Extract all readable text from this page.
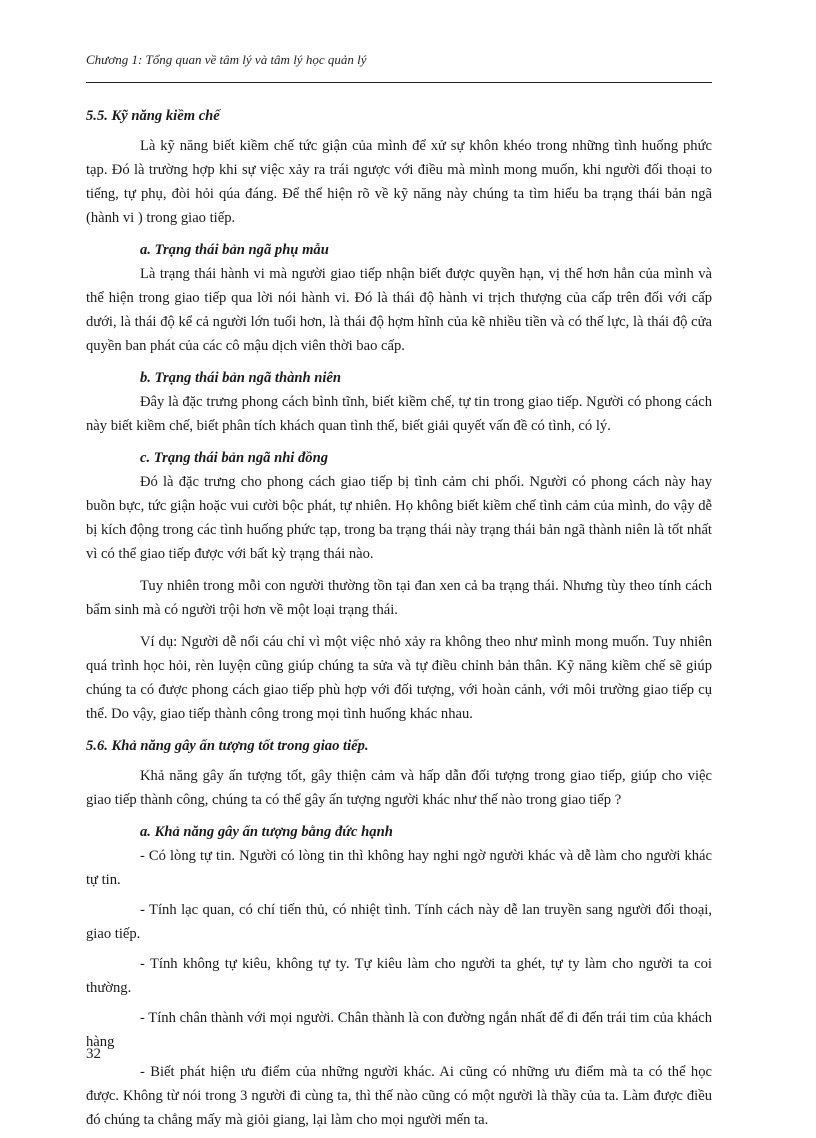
Chương 1: Tổng quan về tâm lý và tâm lý học quản lý

5.5. Kỹ năng kiềm chế

Là kỹ năng biết kiềm chế tức giận của mình để xử sự khôn khéo trong những tình huống phức tạp. Đó là trường hợp khi sự việc xảy ra trái ngược với điều mà mình mong muốn, khi người đối thoại to tiếng, tự phụ, đòi hỏi qúa đáng. Để thể hiện rõ về kỹ năng này chúng ta tìm hiểu ba trạng thái bản ngã (hành vi ) trong giao tiếp.

a. Trạng thái bản ngã phụ mẫu

Là trạng thái hành vi mà người giao tiếp nhận biết được quyền hạn, vị thế hơn hẳn của mình và thể hiện trong giao tiếp qua lời nói hành vi. Đó là thái độ hành vi trịch thượng của cấp trên đối với cấp dưới, là thái độ kể cả người lớn tuổi hơn, là thái độ hợm hĩnh của kẽ nhiều tiền và có thế lực, là thái độ cửa quyền ban phát của các cô mậu dịch viên thời bao cấp.

b. Trạng thái bản ngã thành niên

Đây là đặc trưng phong cách bình tĩnh, biết kiềm chế, tự tin trong giao tiếp. Người có phong cách này biết kiềm chế, biết phân tích khách quan tình thế, biết giải quyết vấn đề có tình, có lý.

c. Trạng thái bản ngã nhi đồng

Đó là đặc trưng cho phong cách giao tiếp bị tình cảm chi phối. Người có phong cách này hay buồn bực, tức giận hoặc vui cười bộc phát, tự nhiên. Họ không biết kiềm chế tình cảm của mình, do vậy dễ bị kích động trong các tình huống phức tạp, trong ba trạng thái này trạng thái bản ngã thành niên là tốt nhất vì có thể giao tiếp được với bất kỳ trạng thái nào.

Tuy nhiên trong mỗi con người thường tồn tại đan xen cả ba trạng thái. Nhưng tùy theo tính cách bẩm sinh mà có người trội hơn về một loại trạng thái.

Ví dụ: Người dễ nổi cáu chỉ vì một việc nhỏ xảy ra không theo như mình mong muốn. Tuy nhiên quá trình học hỏi, rèn luyện cũng giúp chúng ta sửa và tự điều chỉnh bản thân. Kỹ năng kiềm chế sẽ giúp chúng ta có được phong cách giao tiếp phù hợp với đối tượng, với hoàn cảnh, với môi trường giao tiếp cụ thể. Do vậy, giao tiếp thành công trong mọi tình huống khác nhau.

5.6. Khả năng gây ấn tượng tốt trong giao tiếp.

Khả năng gây ấn tượng tốt, gây thiện cảm và hấp dẫn đối tượng trong giao tiếp, giúp cho việc giao tiếp thành công, chúng ta có thể gây ấn tượng người khác như thế nào trong giao tiếp ?

a. Khả năng gây ấn tượng bằng đức hạnh

- Có lòng tự tin. Người có lòng tin thì không hay nghi ngờ người khác và dễ làm cho người khác tự tin.

- Tính lạc quan, có chí tiến thủ, có nhiệt tình. Tính cách này dễ lan truyền sang người đối thoại, giao tiếp.

- Tính không tự kiêu, không tự ty. Tự kiêu làm cho người ta ghét, tự ty làm cho người ta coi thường.

- Tính chân thành với mọi người. Chân thành là con đường ngắn nhất để đi đến trái tim của khách hàng

- Biết phát hiện ưu điểm của những người khác. Ai cũng có những ưu điểm mà ta có thể học được. Không từ nói trong 3 người đi cùng ta, thì thế nào cũng có một người là thầy của ta. Làm được điều đó chúng ta chẳng mấy mà giỏi giang, lại làm cho mọi người mến ta.

32
